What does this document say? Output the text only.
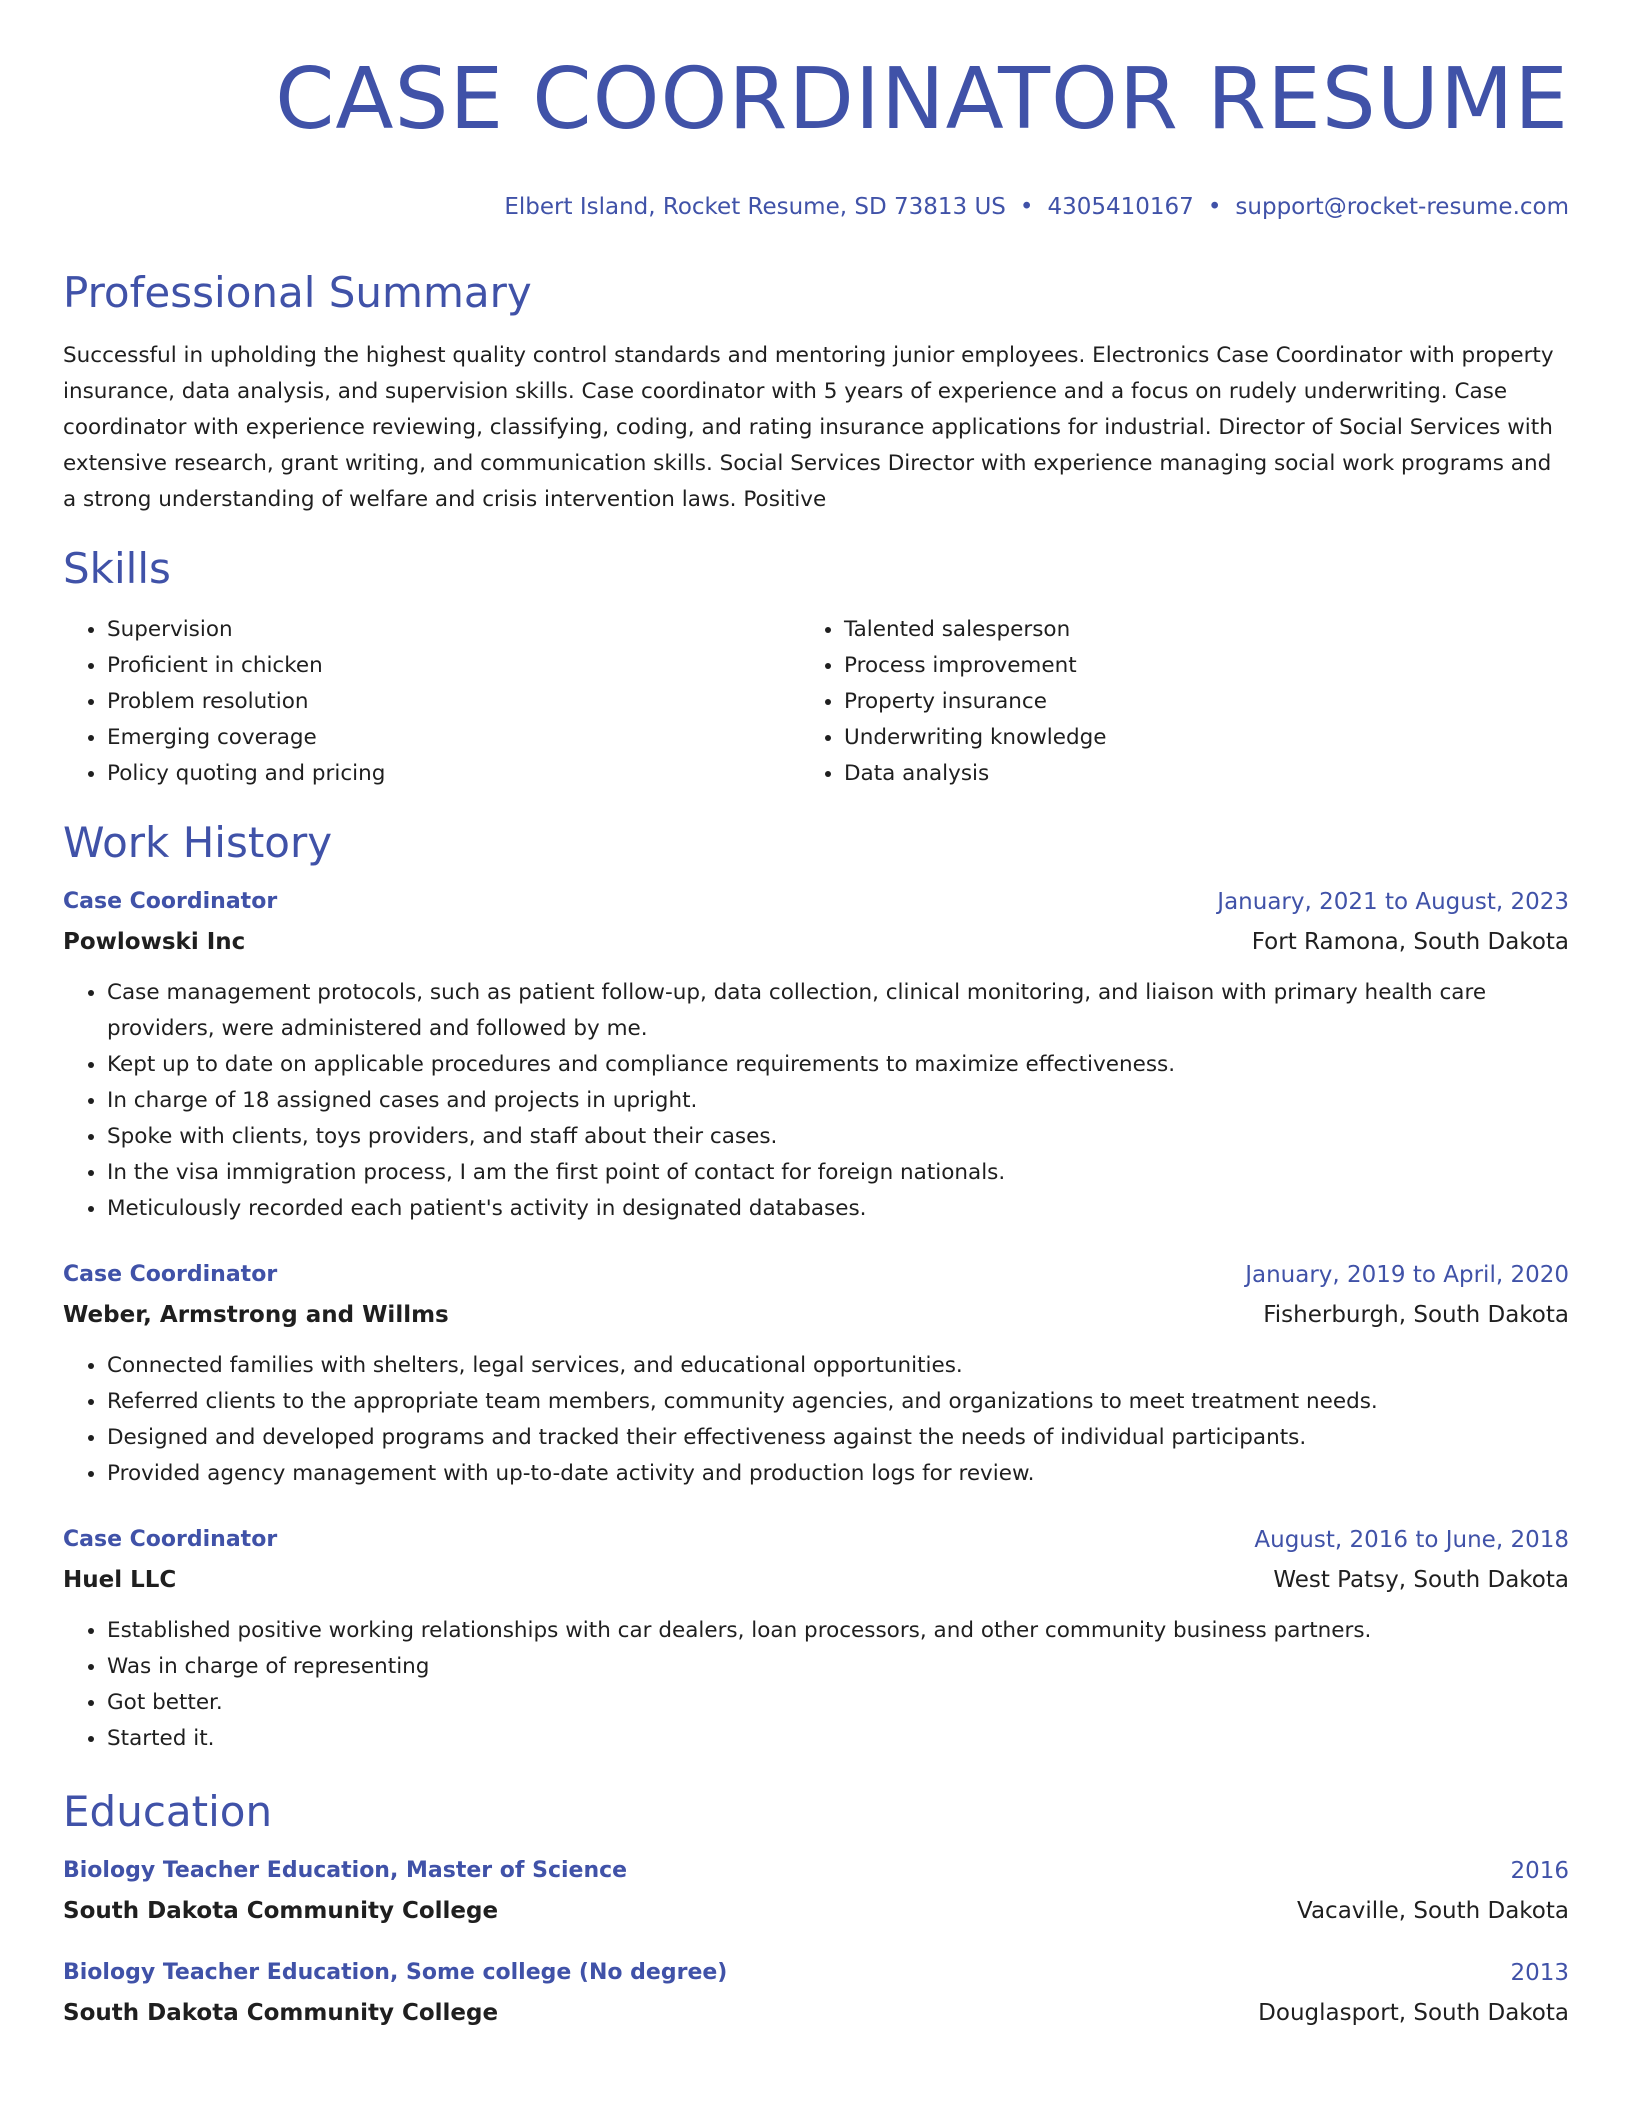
CASE COORDINATOR RESUME
Elbert Island, Rocket Resume, SD 73813 US • 4305410167 • support@rocket-resume.com
Professional Summary
Successful in upholding the highest quality control standards and mentoring junior employees. Electronics Case Coordinator with property insurance, data analysis, and supervision skills. Case coordinator with 5 years of experience and a focus on rudely underwriting. Case coordinator with experience reviewing, classifying, coding, and rating insurance applications for industrial. Director of Social Services with extensive research, grant writing, and communication skills. Social Services Director with experience managing social work programs and a strong understanding of welfare and crisis intervention laws. Positive
Skills
• Supervision
• Proficient in chicken
• Problem resolution
• Emerging coverage
• Policy quoting and pricing
• Talented salesperson
• Process improvement
• Property insurance
• Underwriting knowledge
• Data analysis
Work History
Case Coordinator	January, 2021 to August, 2023
Powlowski Inc	Fort Ramona, South Dakota
• Case management protocols, such as patient follow-up, data collection, clinical monitoring, and liaison with primary health care providers, were administered and followed by me.
• Kept up to date on applicable procedures and compliance requirements to maximize effectiveness.
• In charge of 18 assigned cases and projects in upright.
• Spoke with clients, toys providers, and staff about their cases.
• In the visa immigration process, I am the first point of contact for foreign nationals.
• Meticulously recorded each patient's activity in designated databases.
Case Coordinator	January, 2019 to April, 2020
Weber, Armstrong and Willms	Fisherburgh, South Dakota
• Connected families with shelters, legal services, and educational opportunities.
• Referred clients to the appropriate team members, community agencies, and organizations to meet treatment needs.
• Designed and developed programs and tracked their effectiveness against the needs of individual participants.
• Provided agency management with up-to-date activity and production logs for review.
Case Coordinator	August, 2016 to June, 2018
Huel LLC	West Patsy, South Dakota
• Established positive working relationships with car dealers, loan processors, and other community business partners.
• Was in charge of representing
• Got better.
• Started it.
Education
Biology Teacher Education, Master of Science	2016
South Dakota Community College	Vacaville, South Dakota
Biology Teacher Education, Some college (No degree)	2013
South Dakota Community College	Douglasport, South Dakota
